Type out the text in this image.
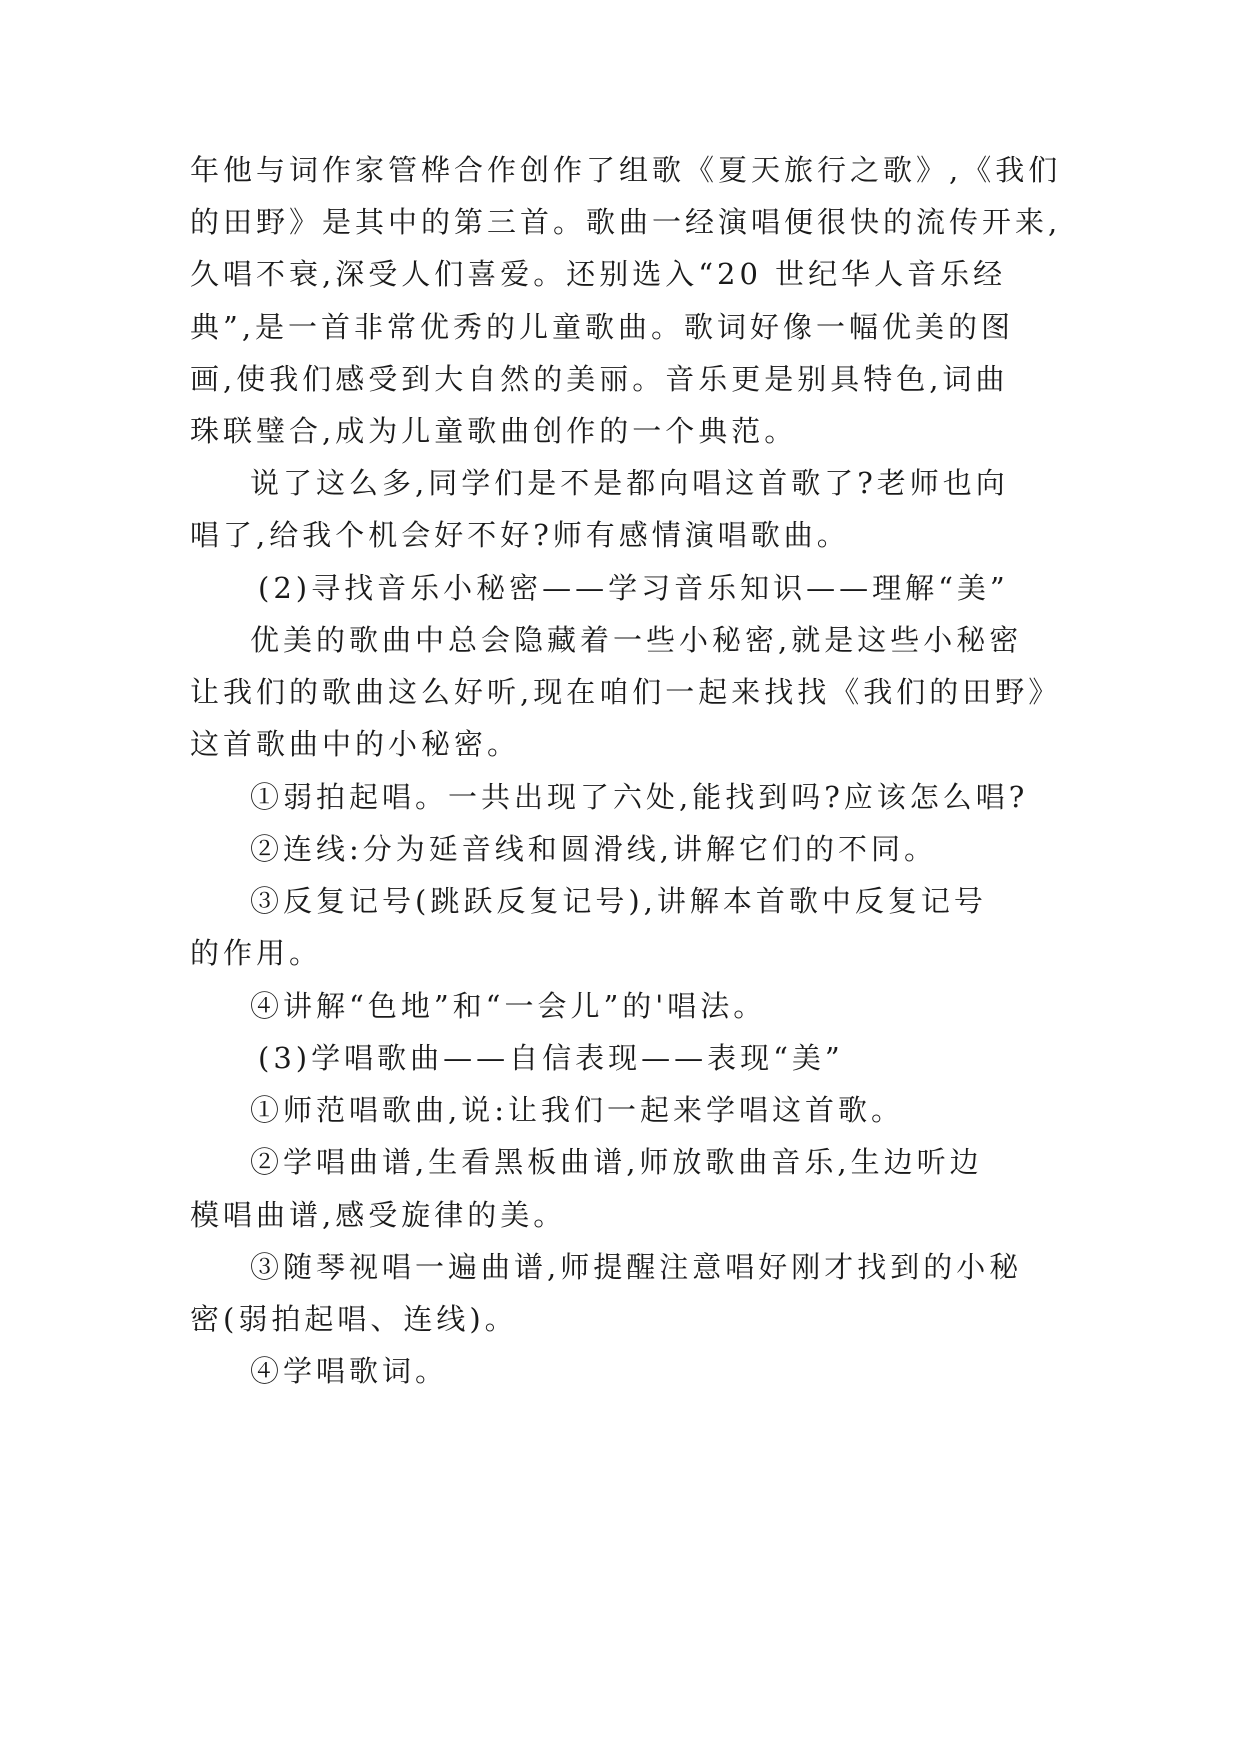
年他与词作家管桦合作创作了组歌《夏天旅行之歌》,《我们
的田野》是其中的第三首。歌曲一经演唱便很快的流传开来,
久唱不衰,深受人们喜爱。还别选入“20 世纪华人音乐经
典”,是一首非常优秀的儿童歌曲。歌词好像一幅优美的图
画,使我们感受到大自然的美丽。音乐更是别具特色,词曲
珠联璧合,成为儿童歌曲创作的一个典范。
说了这么多,同学们是不是都向唱这首歌了?老师也向
唱了,给我个机会好不好?师有感情演唱歌曲。
(2)寻找音乐小秘密——学习音乐知识——理解“美”
优美的歌曲中总会隐藏着一些小秘密,就是这些小秘密
让我们的歌曲这么好听,现在咱们一起来找找《我们的田野》
这首歌曲中的小秘密。
①弱拍起唱。一共出现了六处,能找到吗?应该怎么唱?
②连线:分为延音线和圆滑线,讲解它们的不同。
③反复记号(跳跃反复记号),讲解本首歌中反复记号
的作用。
④讲解“色地”和“一会儿”的'唱法。
(3)学唱歌曲——自信表现——表现“美”
①师范唱歌曲,说:让我们一起来学唱这首歌。
②学唱曲谱,生看黑板曲谱,师放歌曲音乐,生边听边
模唱曲谱,感受旋律的美。
③随琴视唱一遍曲谱,师提醒注意唱好刚才找到的小秘
密(弱拍起唱、连线)。
④学唱歌词。
